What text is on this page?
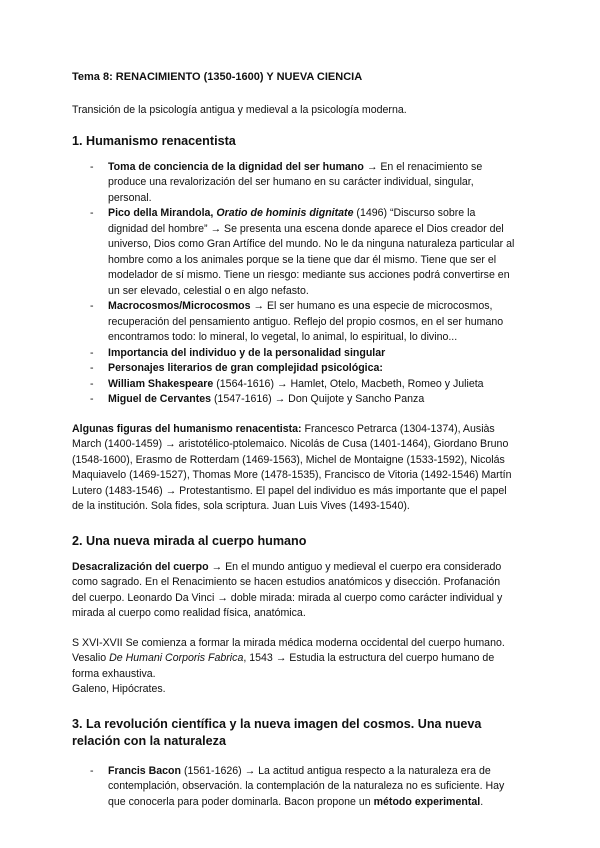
Tema 8: RENACIMIENTO (1350-1600) Y NUEVA CIENCIA
Transición de la psicología antigua y medieval a la psicología moderna.
1. Humanismo renacentista
- Toma de conciencia de la dignidad del ser humano → En el renacimiento se produce una revalorización del ser humano en su carácter individual, singular, personal.
- Pico della Mirandola, Oratio de hominis dignitate (1496) “Discurso sobre la dignidad del hombre” → Se presenta una escena donde aparece el Dios creador del universo, Dios como Gran Artífice del mundo. No le da ninguna naturaleza particular al hombre como a los animales porque se la tiene que dar él mismo. Tiene que ser el modelador de sí mismo. Tiene un riesgo: mediante sus acciones podrá convertirse en un ser elevado, celestial o en algo nefasto.
- Macrocosmos/Microcosmos → El ser humano es una especie de microcosmos, recuperación del pensamiento antiguo. Reflejo del propio cosmos, en el ser humano encontramos todo: lo mineral, lo vegetal, lo animal, lo espiritual, lo divino...
- Importancia del individuo y de la personalidad singular
- Personajes literarios de gran complejidad psicológica:
- William Shakespeare (1564-1616) → Hamlet, Otelo, Macbeth, Romeo y Julieta
- Miguel de Cervantes (1547-1616) → Don Quijote y Sancho Panza
Algunas figuras del humanismo renacentista: Francesco Petrarca (1304-1374), Ausiàs March (1400-1459) → aristotélico-ptolemaico. Nicolás de Cusa (1401-1464), Giordano Bruno (1548-1600), Erasmo de Rotterdam (1469-1563), Michel de Montaigne (1533-1592), Nicolás Maquiavelo (1469-1527), Thomas More (1478-1535), Francisco de Vitoria (1492-1546) Martín Lutero (1483-1546) → Protestantismo. El papel del individuo es más importante que el papel de la institución. Sola fides, sola scriptura. Juan Luis Vives (1493-1540).
2. Una nueva mirada al cuerpo humano
Desacralización del cuerpo → En el mundo antiguo y medieval el cuerpo era considerado como sagrado. En el Renacimiento se hacen estudios anatómicos y disección. Profanación del cuerpo. Leonardo Da Vinci → doble mirada: mirada al cuerpo como carácter individual y mirada al cuerpo como realidad física, anatómica.
S XVI-XVII Se comienza a formar la mirada médica moderna occidental del cuerpo humano. Vesalio De Humani Corporis Fabrica, 1543 → Estudia la estructura del cuerpo humano de forma exhaustiva.
Galeno, Hipócrates.
3. La revolución científica y la nueva imagen del cosmos. Una nueva relación con la naturaleza
- Francis Bacon (1561-1626) → La actitud antigua respecto a la naturaleza era de contemplación, observación. la contemplación de la naturaleza no es suficiente. Hay que conocerla para poder dominarla. Bacon propone un método experimental.
